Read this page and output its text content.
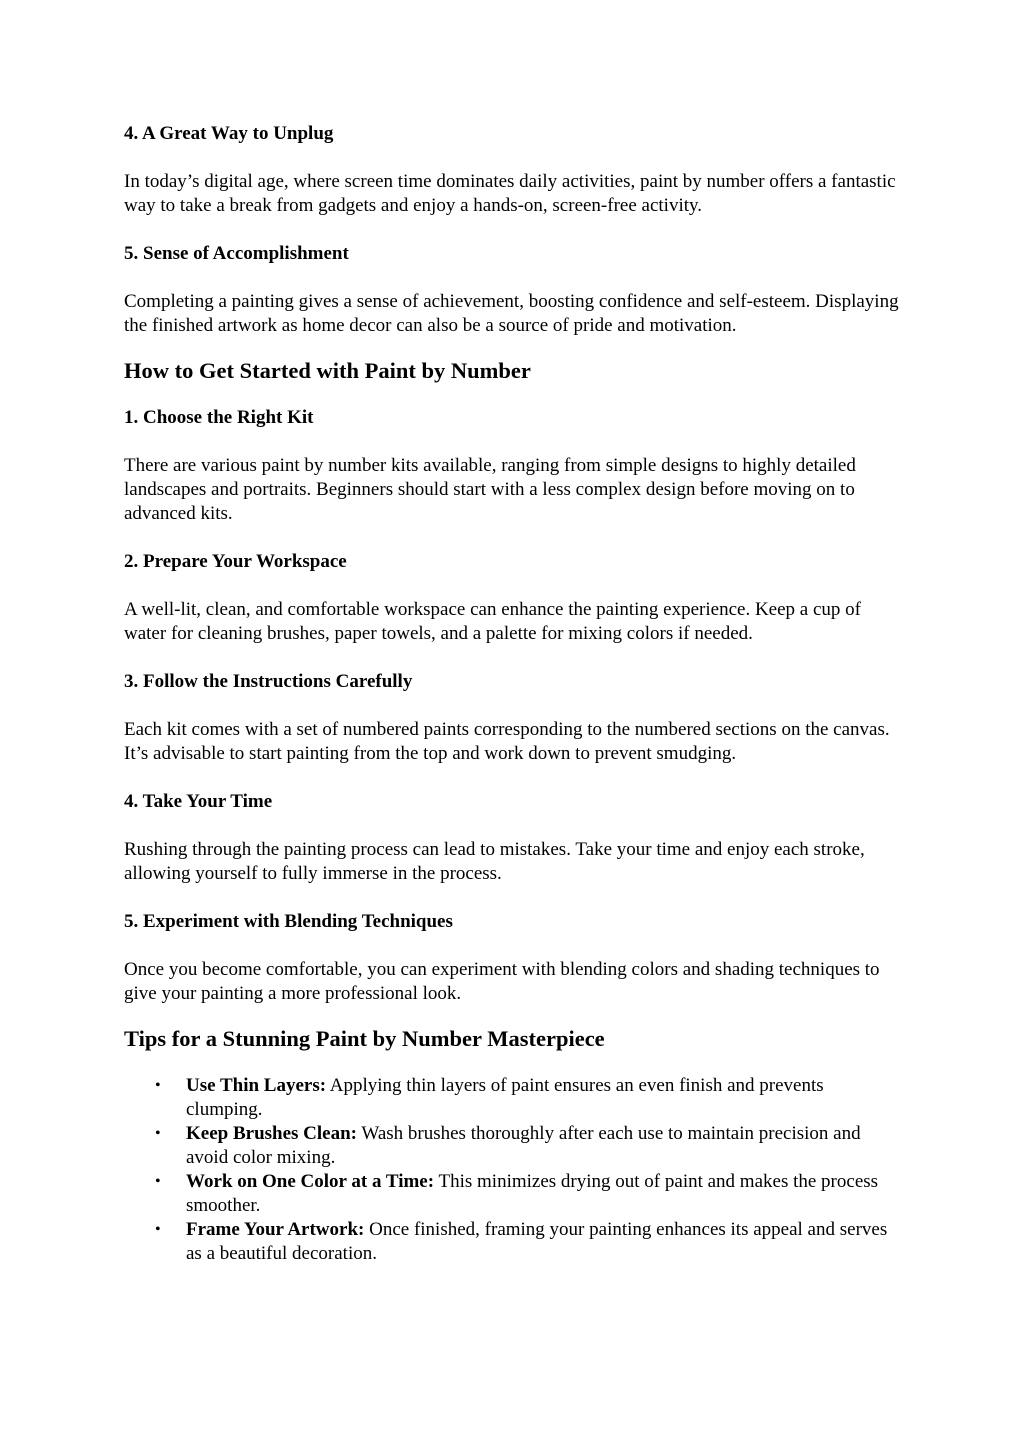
4. A Great Way to Unplug

In today’s digital age, where screen time dominates daily activities, paint by number offers a fantastic way to take a break from gadgets and enjoy a hands-on, screen-free activity.

5. Sense of Accomplishment

Completing a painting gives a sense of achievement, boosting confidence and self-esteem. Displaying the finished artwork as home decor can also be a source of pride and motivation.

How to Get Started with Paint by Number
1. Choose the Right Kit

There are various paint by number kits available, ranging from simple designs to highly detailed landscapes and portraits. Beginners should start with a less complex design before moving on to advanced kits.

2. Prepare Your Workspace

A well-lit, clean, and comfortable workspace can enhance the painting experience. Keep a cup of water for cleaning brushes, paper towels, and a palette for mixing colors if needed.

3. Follow the Instructions Carefully

Each kit comes with a set of numbered paints corresponding to the numbered sections on the canvas. It’s advisable to start painting from the top and work down to prevent smudging.

4. Take Your Time

Rushing through the painting process can lead to mistakes. Take your time and enjoy each stroke, allowing yourself to fully immerse in the process.

5. Experiment with Blending Techniques

Once you become comfortable, you can experiment with blending colors and shading techniques to give your painting a more professional look.

Tips for a Stunning Paint by Number Masterpiece
• Use Thin Layers: Applying thin layers of paint ensures an even finish and prevents clumping.
• Keep Brushes Clean: Wash brushes thoroughly after each use to maintain precision and avoid color mixing.
• Work on One Color at a Time: This minimizes drying out of paint and makes the process smoother.
• Frame Your Artwork: Once finished, framing your painting enhances its appeal and serves as a beautiful decoration.
